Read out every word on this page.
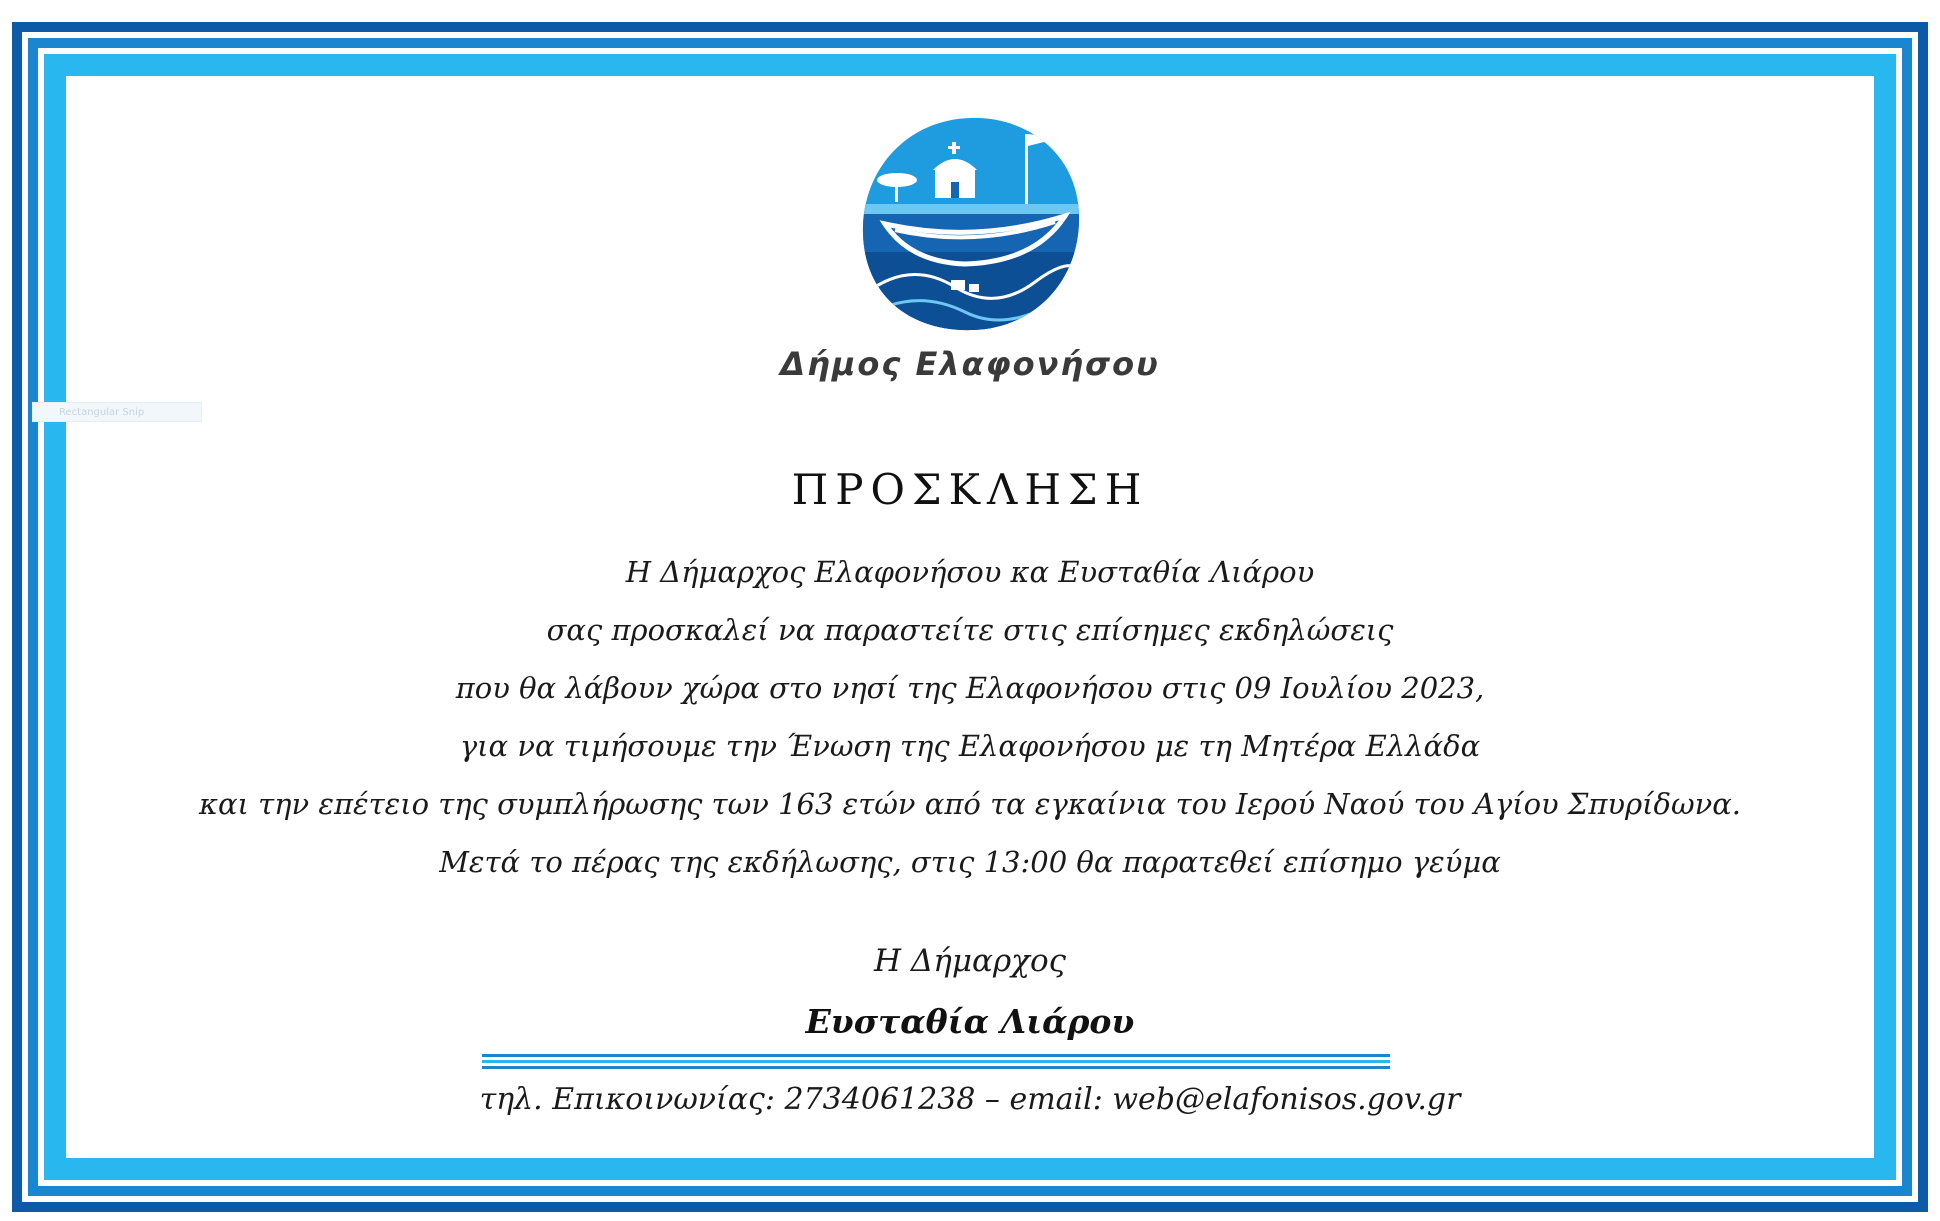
Δήμος Ελαφονήσου
Rectangular Snip
ΠΡΟΣΚΛΗΣΗ
Η Δήμαρχος Ελαφονήσου κα Ευσταθία Λιάρου
σας προσκαλεί να παραστείτε στις επίσημες εκδηλώσεις
που θα λάβουν χώρα στο νησί της Ελαφονήσου στις 09 Ιουλίου 2023,
για να τιμήσουμε την Ένωση της Ελαφονήσου με τη Μητέρα Ελλάδα
και την επέτειο της συμπλήρωσης των 163 ετών από τα εγκαίνια του Ιερού Ναού του Αγίου Σπυρίδωνα.
Μετά το πέρας της εκδήλωσης, στις 13:00 θα παρατεθεί επίσημο γεύμα
Η Δήμαρχος
Ευσταθία Λιάρου
τηλ. Επικοινωνίας: 2734061238 – email: web@elafonisos.gov.gr
